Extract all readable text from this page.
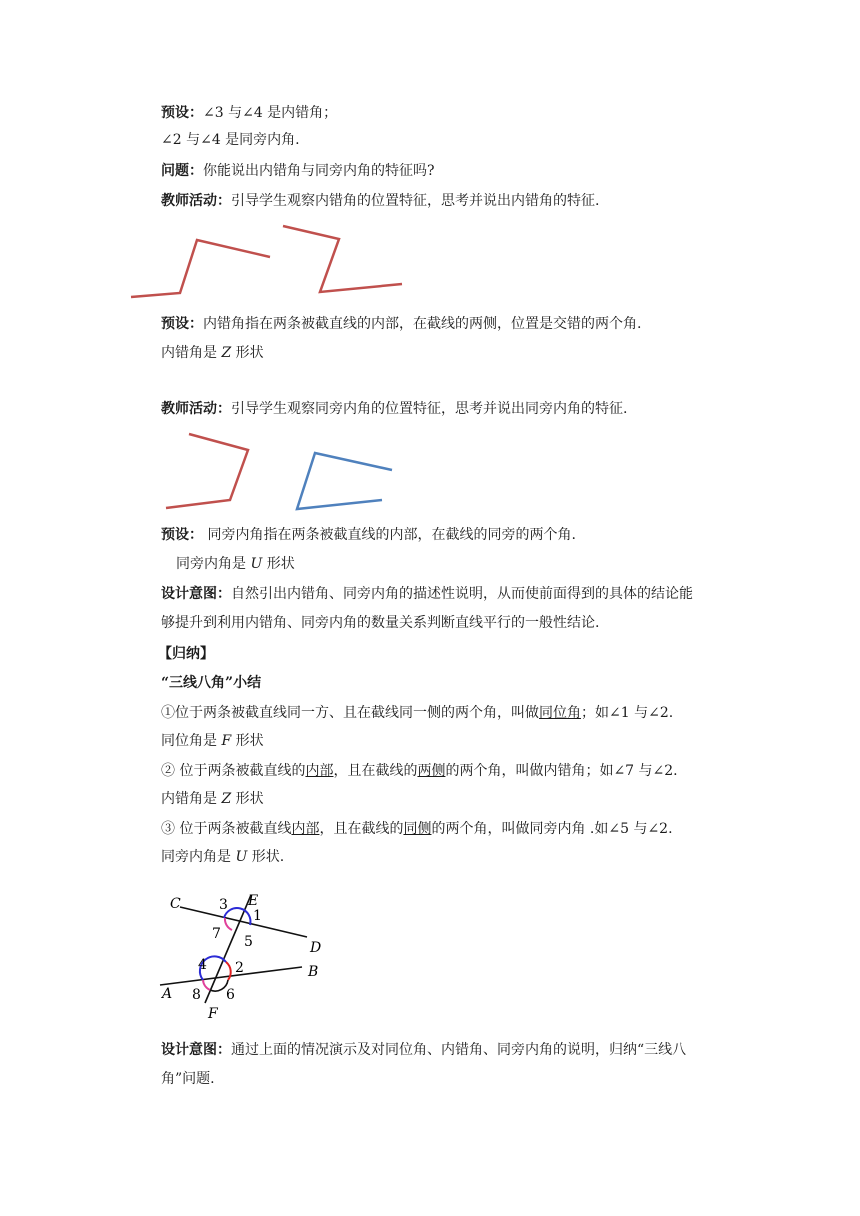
预设：∠3 与∠4 是内错角；
∠2 与∠4 是同旁内角.
问题：你能说出内错角与同旁内角的特征吗?
教师活动：引导学生观察内错角的位置特征，思考并说出内错角的特征.
预设：内错角指在两条被截直线的内部，在截线的两侧，位置是交错的两个角.
内错角是 Z 形状
教师活动：引导学生观察同旁内角的位置特征，思考并说出同旁内角的特征.
预设： 同旁内角指在两条被截直线的内部，在截线的同旁的两个角.
同旁内角是 U 形状
设计意图：自然引出内错角、同旁内角的描述性说明，从而使前面得到的具体的结论能
够提升到利用内错角、同旁内角的数量关系判断直线平行的一般性结论.
【归纳】
“三线八角”小结
①位于两条被截直线同一方、且在截线同一侧的两个角，叫做同位角；如∠1 与∠2.
同位角是 F 形状
② 位于两条被截直线的内部，且在截线的两侧的两个角，叫做内错角；如∠7 与∠2.
内错角是 Z 形状
③ 位于两条被截直线内部，且在截线的同侧的两个角，叫做同旁内角 .如∠5 与∠2.
同旁内角是 U 形状.
C	E
D
B
A
F
3
1
7 5
4 2
8 6
设计意图：通过上面的情况演示及对同位角、内错角、同旁内角的说明，归纳“三线八
角”问题.
